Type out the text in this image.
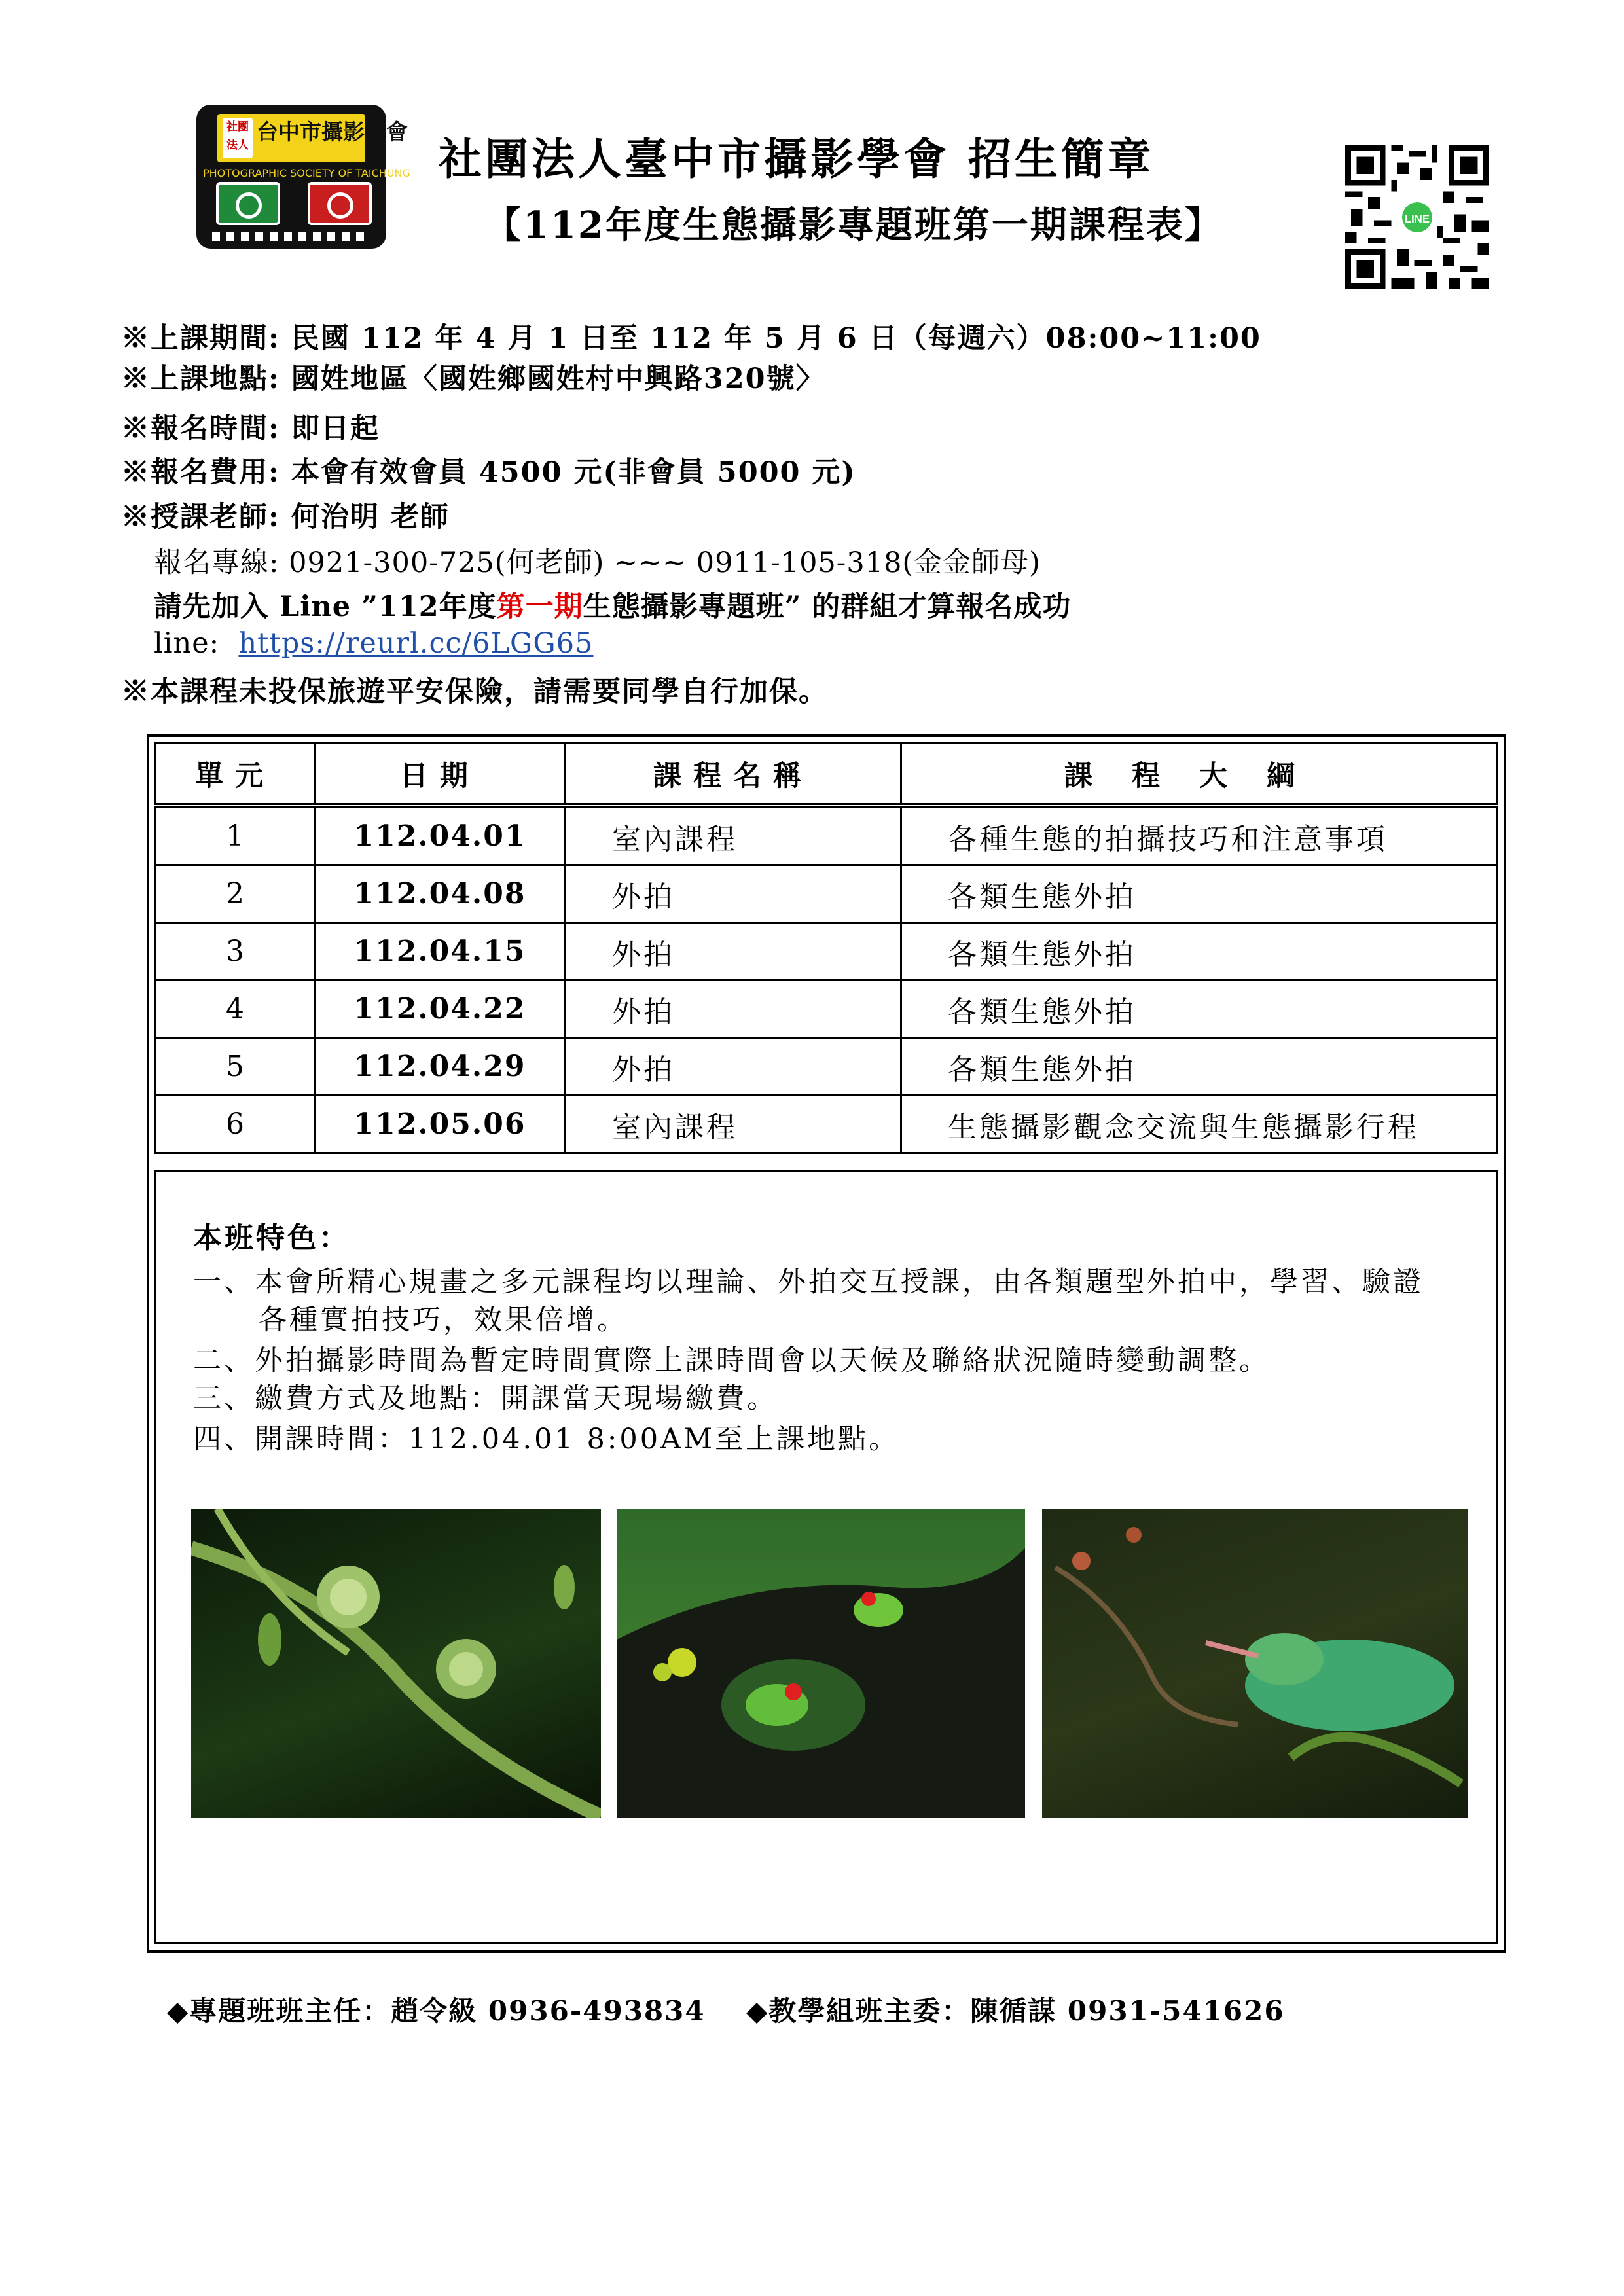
社團法人
台中市攝影學會
PHOTOGRAPHIC SOCIETY OF TAICHUNG 社團法人臺中市攝影學會 招生簡章
【112年度生態攝影專題班第一期課程表】	LINE
※上課期間: 民國 112 年 4 月 1 日至 112 年 5 月 6 日（每週六）08:00~11:00
※上課地點: 國姓地區〈國姓鄉國姓村中興路320號〉
※報名時間: 即日起
※報名費用: 本會有效會員 4500 元(非會員 5000 元)
※授課老師: 何治明 老師
報名專線: 0921-300-725(何老師) ~~~ 0911-105-318(金金師母)
請先加入 Line ”112年度第一期生態攝影專題班” 的群組才算報名成功
line: https://reurl.cc/6LGG65
※本課程未投保旅遊平安保險，請需要同學自行加保。
單元	日期	課程名稱	課程大綱
1	112.04.01	室內課程	各種生態的拍攝技巧和注意事項
2	112.04.08	外拍	各類生態外拍
3	112.04.15	外拍	各類生態外拍
4	112.04.22	外拍	各類生態外拍
5	112.04.29	外拍	各類生態外拍
6	112.05.06	室內課程	生態攝影觀念交流與生態攝影行程
本班特色：
一、本會所精心規畫之多元課程均以理論、外拍交互授課，由各類題型外拍中，學習、驗證
各種實拍技巧，效果倍增。
二、外拍攝影時間為暫定時間實際上課時間會以天候及聯絡狀況隨時變動調整。
三、繳費方式及地點：開課當天現場繳費。
四、開課時間：112.04.01 8:00AM至上課地點。
◆專題班班主任：趙令級 0936-493834 ◆教學組班主委：陳循謀 0931-541626
